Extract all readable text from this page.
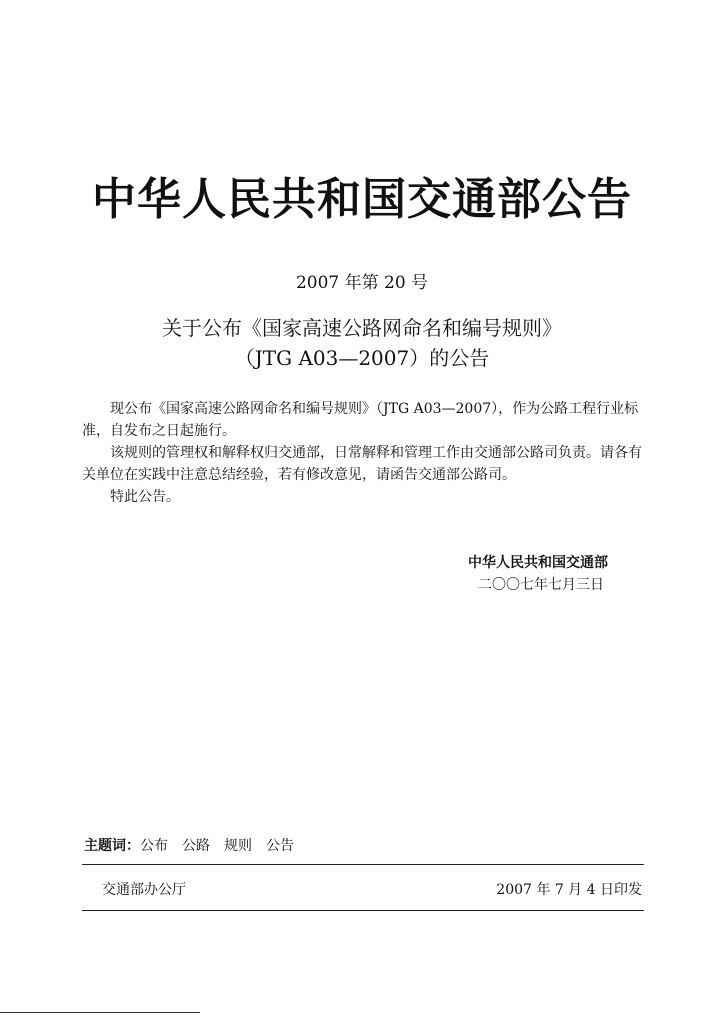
中华人民共和国交通部公告
2007 年第 20 号
关于公布《国家高速公路网命名和编号规则》
（JTG A03—2007）的公告
现公布《国家高速公路网命名和编号规则》（JTG A03—2007），作为公路工程行业标准，自发布之日起施行。
该规则的管理权和解释权归交通部，日常解释和管理工作由交通部公路司负责。请各有关单位在实践中注意总结经验，若有修改意见，请函告交通部公路司。
特此公告。
中华人民共和国交通部
二〇〇七年七月三日
主题词：公布 公路 规则 公告
交通部办公厅	2007 年 7 月 4 日印发
